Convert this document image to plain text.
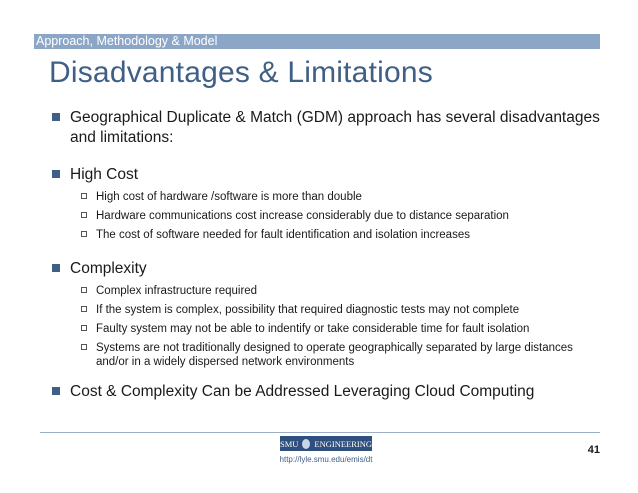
Approach, Methodology & Model
Disadvantages & Limitations
Geographical Duplicate & Match (GDM) approach has several disadvantages and limitations:
High Cost
High cost of hardware /software is more than double
Hardware communications cost increase considerably due to distance separation
The cost of software needed for fault identification and isolation increases
Complexity
Complex infrastructure required
If the system is complex, possibility that required diagnostic tests may not complete
Faulty system may not be able to indentify or take considerable time for fault isolation
Systems are not traditionally designed to operate geographically separated by large distances and/or in a widely dispersed network environments
Cost & Complexity Can be Addressed Leveraging Cloud Computing
SMU ENGINEERING
http://lyle.smu.edu/emis/dt
41
